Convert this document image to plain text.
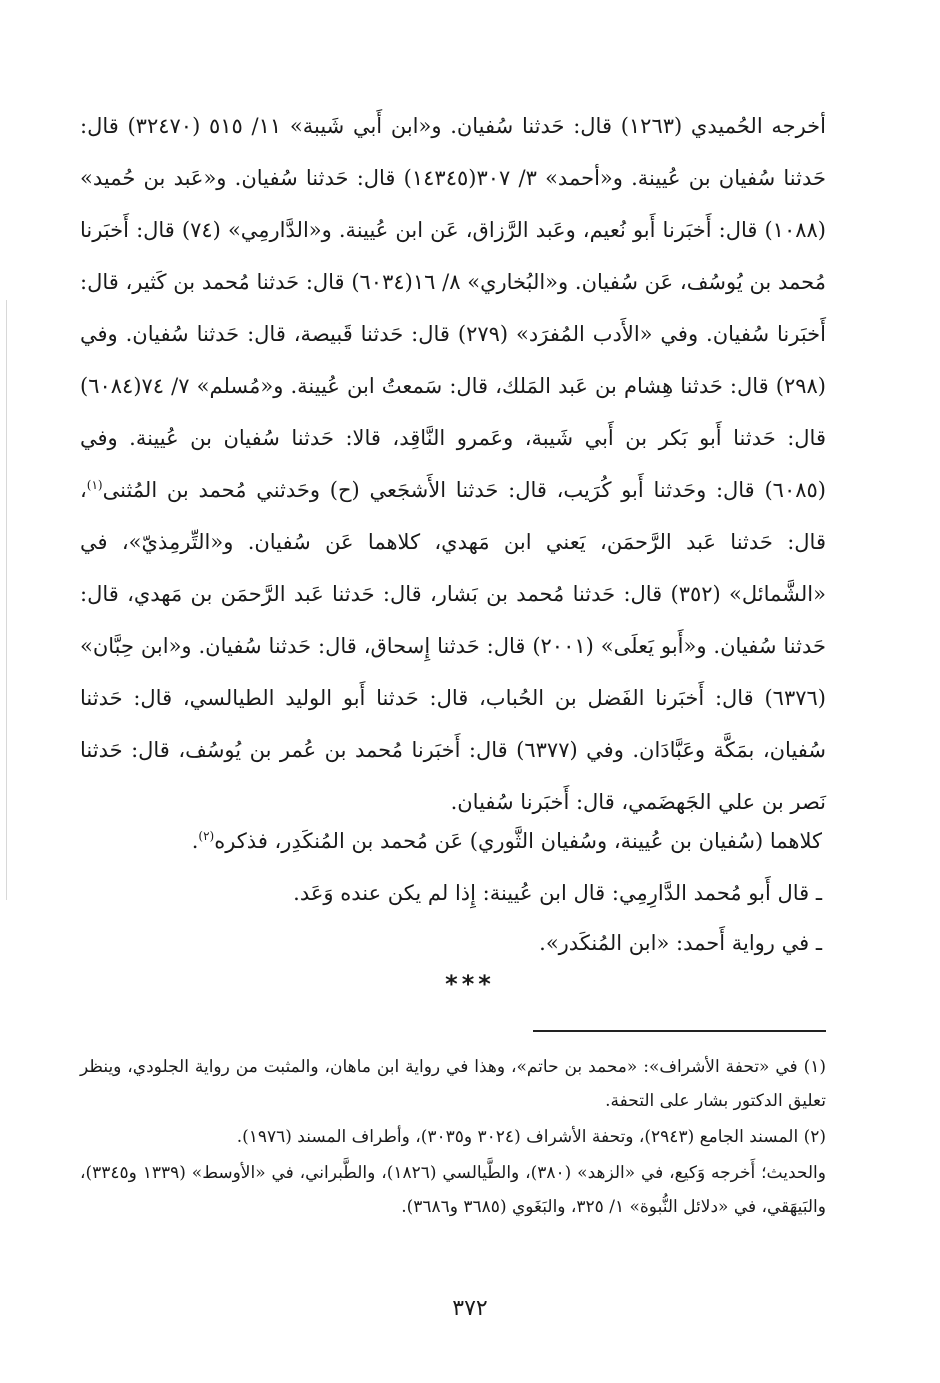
أخرجه الحُميدي (١٢٦٣) قال: حَدثنا سُفيان. و«ابن أَبي شَيبة» ١١/ ٥١٥ (٣٢٤٧٠) قال: حَدثنا سُفيان بن عُيينة. و«أحمد» ٣/ ٣٠٧(١٤٣٤٥) قال: حَدثنا سُفيان. و«عَبد بن حُميد» (١٠٨٨) قال: أَخبَرنا أَبو نُعيم، وعَبد الرَّزاق، عَن ابن عُيينة. و«الدَّارمِي» (٧٤) قال: أَخبَرنا مُحمد بن يُوسُف، عَن سُفيان. و«البُخاري» ٨/ ١٦(٦٠٣٤) قال: حَدثنا مُحمد بن كَثير، قال: أَخبَرنا سُفيان. وفي «الأَدب المُفرَد» (٢٧٩) قال: حَدثنا قَبيصة، قال: حَدثنا سُفيان. وفي (٢٩٨) قال: حَدثنا هِشام بن عَبد المَلك، قال: سَمعتُ ابن عُيينة. و«مُسلم» ٧/ ٧٤(٦٠٨٤) قال: حَدثنا أَبو بَكر بن أَبي شَيبة، وعَمرو النَّاقِد، قالا: حَدثنا سُفيان بن عُيينة. وفي (٦٠٨٥) قال: وحَدثنا أَبو كُرَيب، قال: حَدثنا الأَشجَعي (ح) وحَدثني مُحمد بن المُثنى$^{(١)}$، قال: حَدثنا عَبد الرَّحمَن، يَعني ابن مَهدي، كلاهما عَن سُفيان. و«التِّرمِذيّ»، في «الشَّمائل» (٣٥٢) قال: حَدثنا مُحمد بن بَشار، قال: حَدثنا عَبد الرَّحمَن بن مَهدي، قال: حَدثنا سُفيان. و«أَبو يَعلَى» (٢٠٠١) قال: حَدثنا إِسحاق، قال: حَدثنا سُفيان. و«ابن حِبَّان» (٦٣٧٦) قال: أَخبَرنا الفَضل بن الحُباب، قال: حَدثنا أَبو الوليد الطيالسي، قال: حَدثنا سُفيان، بمَكَّة وعَبَّادَان. وفي (٦٣٧٧) قال: أَخبَرنا مُحمد بن عُمر بن يُوسُف، قال: حَدثنا نَصر بن علي الجَهضَمي، قال: أَخبَرنا سُفيان.

كلاهما (سُفيان بن عُيينة، وسُفيان الثَّوري) عَن مُحمد بن المُنكَدِر، فذكره$^{(٢)}$.
ـ قال أَبو مُحمد الدَّارِمِي: قال ابن عُيينة: إِذا لم يكن عنده وَعَد.
ـ في رواية أَحمد: «ابن المُنكَدر».
***

(١) في «تحفة الأشراف»: «محمد بن حاتم»، وهذا في رواية ابن ماهان، والمثبت من رواية الجلودي، وينظر تعليق الدكتور بشار على التحفة.

(٢) المسند الجامع (٢٩٤٣)، وتحفة الأشراف (٣٠٢٤ و٣٠٣٥)، وأطراف المسند (١٩٧٦).

والحديث؛ أَخرجه وَكيع، في «الزهد» (٣٨٠)، والطَّيالسي (١٨٢٦)، والطَّبراني، في «الأوسط» (١٣٣٩ و٣٣٤٥)، والبَيهَقي، في «دلائل النُّبوة» ١/ ٣٢٥، والبَغَوي (٣٦٨٥ و٣٦٨٦).

٣٧٢
